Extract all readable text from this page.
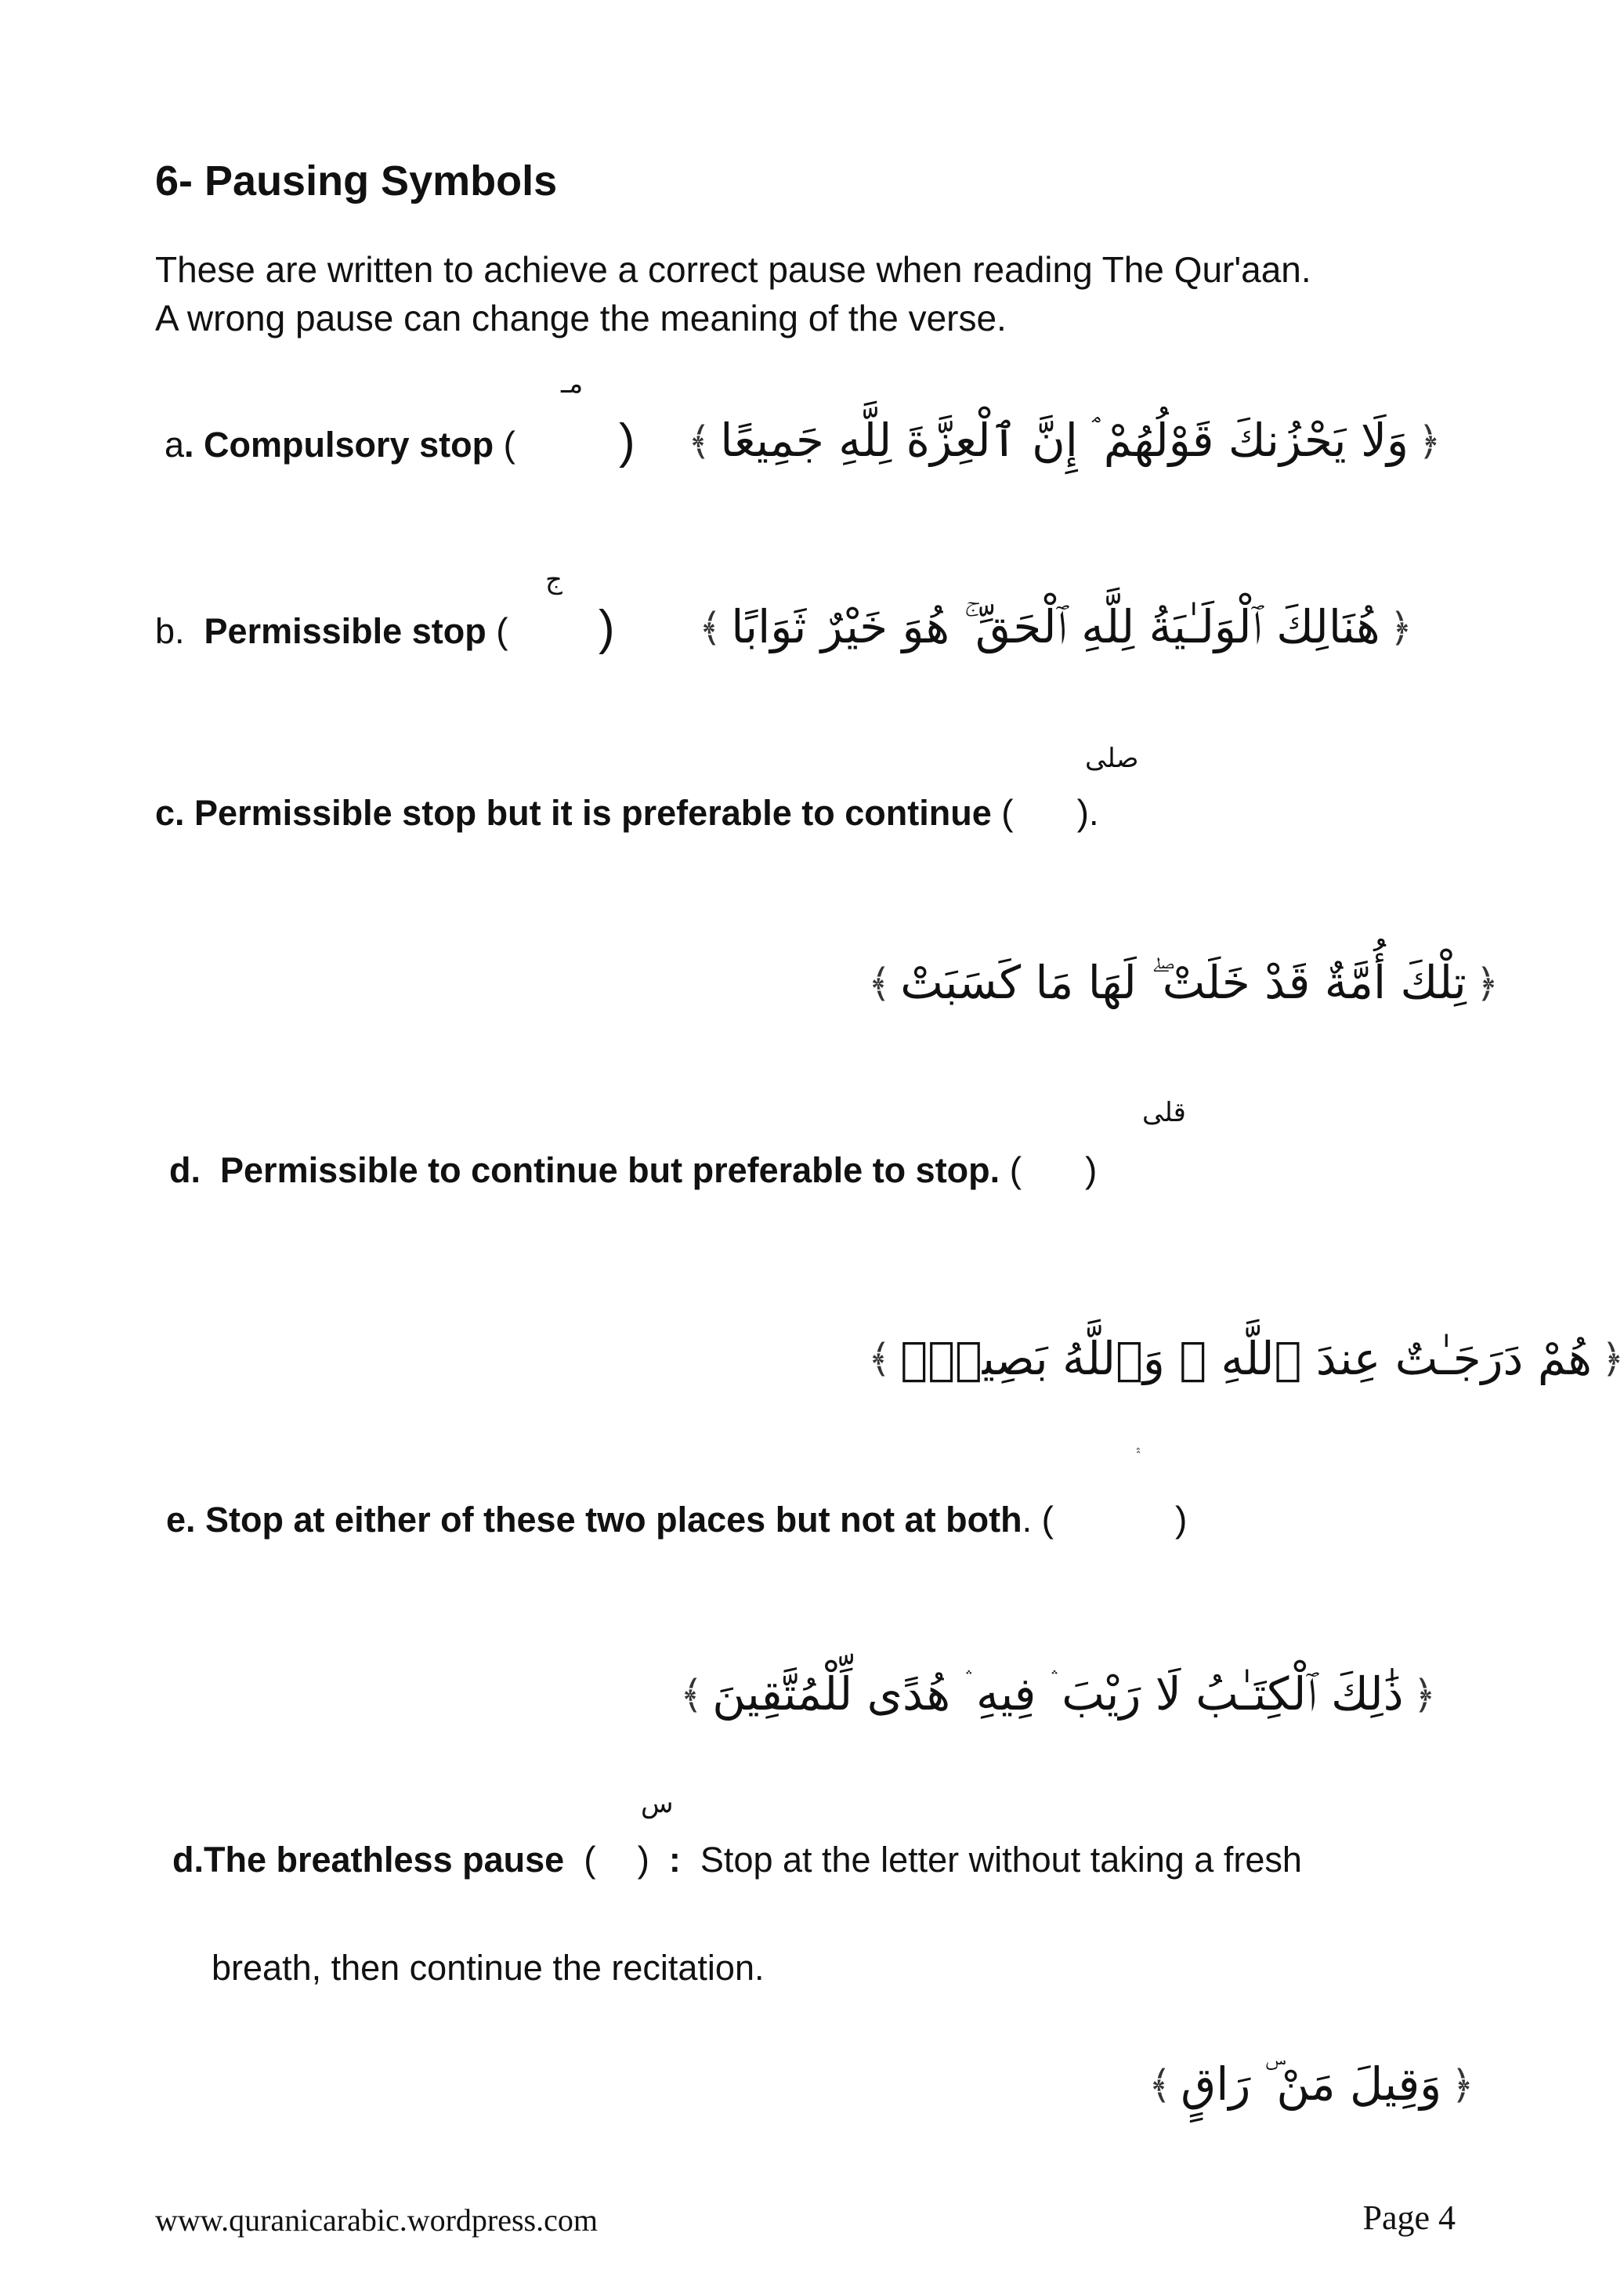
6- Pausing Symbols
These are written to achieve a correct pause when reading The Qur'aan.
A wrong pause can change the meaning of the verse.
a. Compulsory stop (
مـ
) ﴾ وَلَا يَحْزُنكَ قَوْلُهُمْ ۘ إِنَّ ٱلْعِزَّةَ لِلَّهِ جَمِيعًا ﴿
b. Permissible stop (
ج
) ﴾ هُنَالِكَ ٱلْوَلَـٰيَةُ لِلَّهِ ٱلْحَقِّ ۚ هُوَ خَيْرٌ ثَوَابًا ﴿
صلى
c. Permissible stop but it is preferable to continue ( ).
﴾ تِلْكَ أُمَّةٌ قَدْ خَلَتْ ۖ لَهَا مَا كَسَبَتْ ﴿
قلى
d. Permissible to continue but preferable to stop. ( )
﴾ هُمْ دَرَجَـٰتٌ عِندَ ٱللَّهِ ۗ وَٱللَّهُ بَصِيرٌۢ ﴿
ۛ ۛ
e. Stop at either of these two places but not at both. (	)
﴾ ذَٰلِكَ ٱلْكِتَـٰبُ لَا رَيْبَ ۛ فِيهِ ۛ هُدًى لِّلْمُتَّقِينَ ﴿
س
d.The breathless pause ( ) : Stop at the letter without taking a fresh
breath, then continue the recitation.
﴾ وَقِيلَ مَنْ ۜ رَاقٍ ﴿
www.quranicarabic.wordpress.com	Page 4
